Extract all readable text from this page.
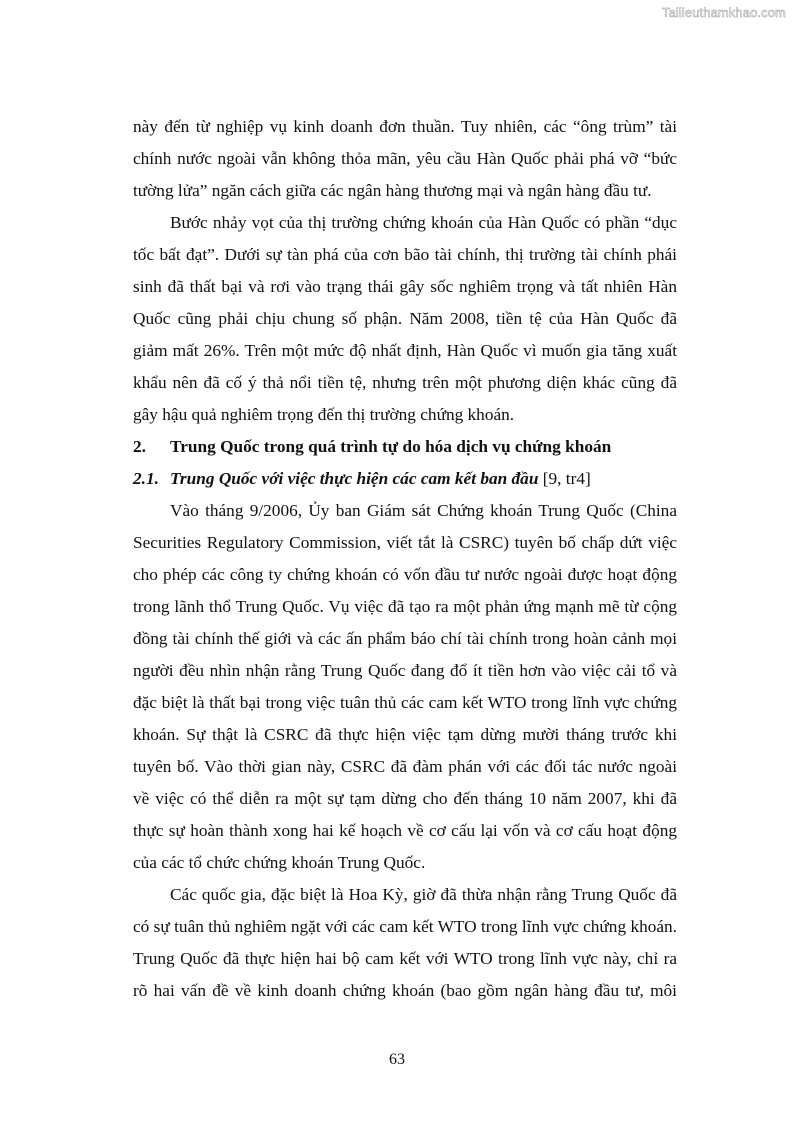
Tailieuthamkhao.com
này đến từ nghiệp vụ kinh doanh đơn thuần. Tuy nhiên, các “ông trùm” tài
chính nước ngoài vẫn không thỏa mãn, yêu cầu Hàn Quốc phải phá vỡ “bức
tường lửa” ngăn cách giữa các ngân hàng thương mại và ngân hàng đầu tư.
Bước nhảy vọt của thị trường chứng khoán của Hàn Quốc có phần “dục
tốc bất đạt”. Dưới sự tàn phá của cơn bão tài chính, thị trường tài chính phái
sinh đã thất bại và rơi vào trạng thái gây sốc nghiêm trọng và tất nhiên Hàn
Quốc cũng phải chịu chung số phận. Năm 2008, tiền tệ của Hàn Quốc đã
giảm mất 26%. Trên một mức độ nhất định, Hàn Quốc vì muốn gia tăng xuất
khẩu nên đã cố ý thả nổi tiền tệ, nhưng trên một phương diện khác cũng đã
gây hậu quả nghiêm trọng đến thị trường chứng khoán.
2. Trung Quốc trong quá trình tự do hóa dịch vụ chứng khoán
2.1. Trung Quốc với việc thực hiện các cam kết ban đầu [9, tr4]
Vào tháng 9/2006, Ủy ban Giám sát Chứng khoán Trung Quốc (China
Securities Regulatory Commission, viết tắt là CSRC) tuyên bố chấp dứt việc
cho phép các công ty chứng khoán có vốn đầu tư nước ngoài được hoạt động
trong lãnh thổ Trung Quốc. Vụ việc đã tạo ra một phản ứng mạnh mẽ từ cộng
đồng tài chính thế giới và các ấn phẩm báo chí tài chính trong hoàn cảnh mọi
người đều nhìn nhận rằng Trung Quốc đang đổ ít tiền hơn vào việc cải tổ và
đặc biệt là thất bại trong việc tuân thủ các cam kết WTO trong lĩnh vực chứng
khoán. Sự thật là CSRC đã thực hiện việc tạm dừng mười tháng trước khi
tuyên bố. Vào thời gian này, CSRC đã đàm phán với các đối tác nước ngoài
về việc có thể diễn ra một sự tạm dừng cho đến tháng 10 năm 2007, khi đã
thực sự hoàn thành xong hai kế hoạch về cơ cấu lại vốn và cơ cấu hoạt động
của các tổ chức chứng khoán Trung Quốc.
Các quốc gia, đặc biệt là Hoa Kỳ, giờ đã thừa nhận rằng Trung Quốc đã
có sự tuân thủ nghiêm ngặt với các cam kết WTO trong lĩnh vực chứng khoán.
Trung Quốc đã thực hiện hai bộ cam kết với WTO trong lĩnh vực này, chỉ ra
rõ hai vấn đề về kinh doanh chứng khoán (bao gồm ngân hàng đầu tư, môi
63
